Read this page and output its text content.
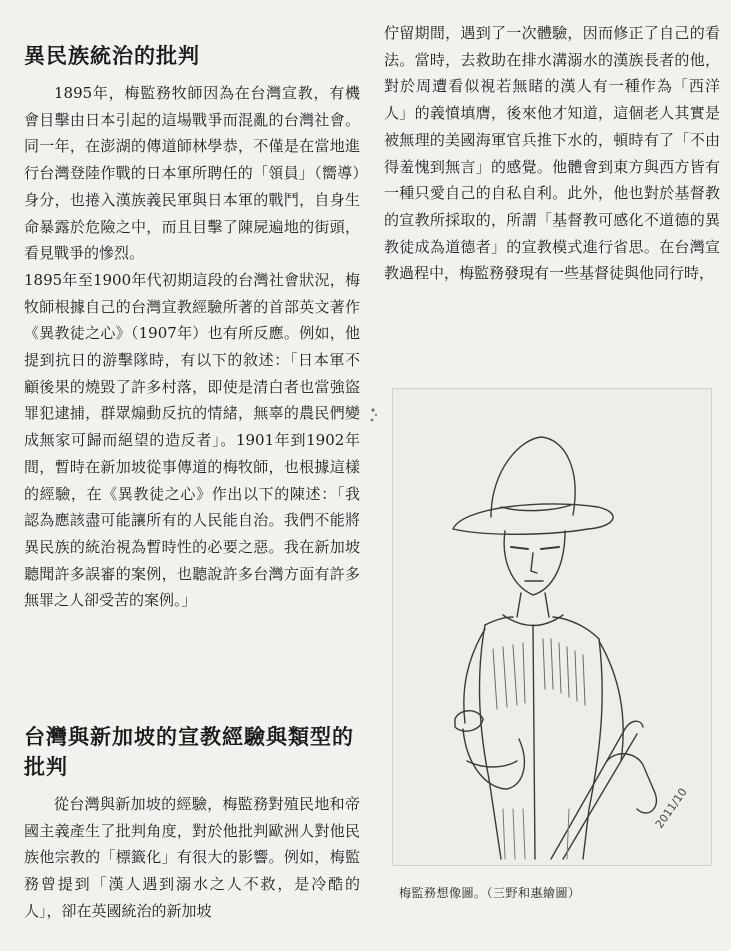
異民族統治的批判

1895年，梅監務牧師因為在台灣宣教，有機會目擊由日本引起的這場戰爭而混亂的台灣社會。同一年，在澎湖的傳道師林學恭，不僅是在當地進行台灣登陸作戰的日本軍所聘任的「領員」（嚮導）身分，也捲入漢族義民軍與日本軍的戰鬥，自身生命暴露於危險之中，而且目擊了陳屍遍地的街頭，看見戰爭的慘烈。

1895年至1900年代初期這段的台灣社會狀況，梅牧師根據自己的台灣宣教經驗所著的首部英文著作《異教徒之心》（1907年）也有所反應。例如，他提到抗日的游擊隊時，有以下的敘述：「日本軍不顧後果的燒毀了許多村落，即使是清白者也當強盜罪犯逮捕，群眾煽動反抗的情緒，無辜的農民們變成無家可歸而絕望的造反者」。1901年到1902年間，暫時在新加坡從事傳道的梅牧師，也根據這樣的經驗，在《異教徒之心》作出以下的陳述：「我認為應該盡可能讓所有的人民能自治。我們不能將異民族的統治視為暫時性的必要之惡。我在新加坡聽聞許多誤審的案例，也聽說許多台灣方面有許多無罪之人卻受苦的案例。」

台灣與新加坡的宣教經驗與類型的批判

從台灣與新加坡的經驗，梅監務對殖民地和帝國主義產生了批判角度，對於他批判歐洲人對他民族他宗教的「標籤化」有很大的影響。例如，梅監務曾提到「漢人遇到溺水之人不救，是冷酷的人」，卻在英國統治的新加坡

佇留期間，遇到了一次體驗，因而修正了自己的看法。當時，去救助在排水溝溺水的漢族長者的他，對於周遭看似視若無睹的漢人有一種作為「西洋人」的義憤填膺，後來他才知道，這個老人其實是被無理的美國海軍官兵推下水的，頓時有了「不由得羞愧到無言」的感覺。他體會到東方與西方皆有一種只愛自己的自私自利。此外，他也對於基督教的宣教所採取的，所謂「基督教可感化不道德的異教徒成為道德者」的宣教模式進行省思。在台灣宣教過程中，梅監務發現有一些基督徒與他同行時，

2011/10
梅監務想像圖。（三野和惠繪圖）
